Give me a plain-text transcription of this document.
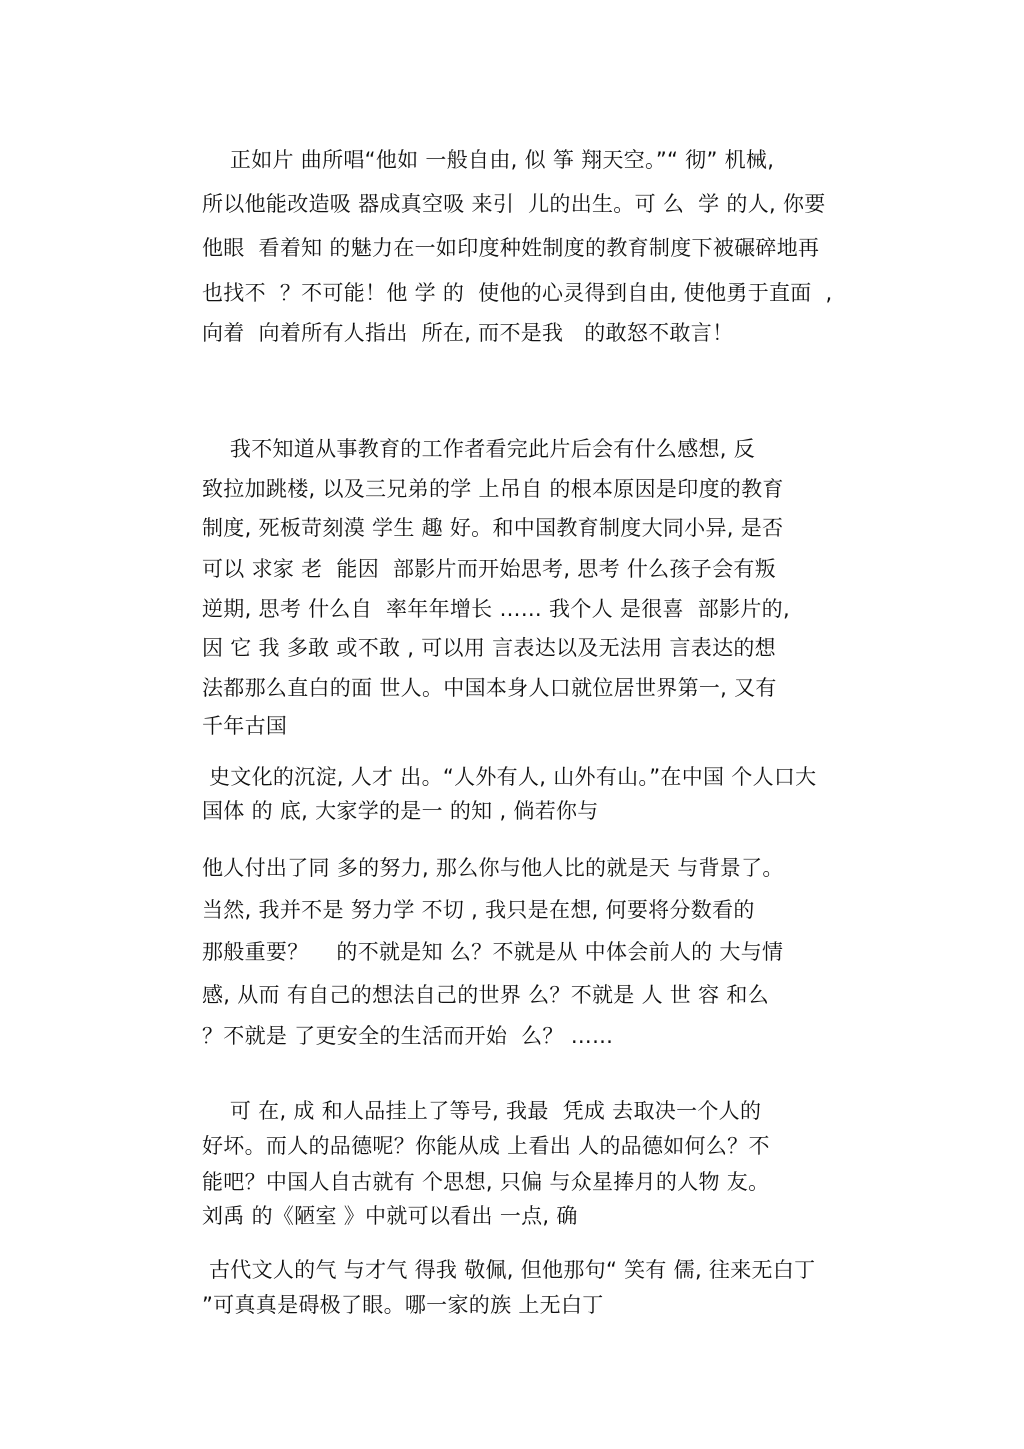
正如片 曲所唱“他如 一般自由, 似 筝 翔天空。”“ 彻” 机械,
所以他能改造吸 器成真空吸 来引  儿的出生。可 么  学 的人, 你要
他眼  看着知 的魅力在一如印度种姓制度的教育制度下被碾碎地再
也找不  ？不可能！他 学 的  使他的心灵得到自由, 使他勇于直面  ,
向着  向着所有人指出  所在, 而不是我   的敢怒不敢言！
我不知道从事教育的工作者看完此片后会有什么感想, 反
致拉加跳楼, 以及三兄弟的学 上吊自 的根本原因是印度的教育
制度, 死板苛刻漠 学生 趣 好。和中国教育制度大同小异, 是否
可以 求家 老  能因  部影片而开始思考, 思考 什么孩子会有叛
逆期, 思考 什么自  率年年增长 …… 我个人 是很喜  部影片的,
因 它 我 多敢 或不敢 , 可以用 言表达以及无法用 言表达的想
法都那么直白的面 世人。中国本身人口就位居世界第一, 又有
千年古国
史文化的沉淀, 人才 出。“人外有人, 山外有山。”在中国 个人口大
国体 的 底, 大家学的是一 的知 , 倘若你与
他人付出了同 多的努力, 那么你与他人比的就是天 与背景了。
当然, 我并不是 努力学 不切 , 我只是在想, 何要将分数看的
那般重要？    的不就是知 么？不就是从 中体会前人的 大与情
感, 从而 有自己的想法自己的世界 么？不就是 人 世 容 和么
？不就是 了更安全的生活而开始  么？ ……
可 在, 成 和人品挂上了等号, 我最  凭成 去取决一个人的
好坏。而人的品德呢？你能从成 上看出 人的品德如何么？不
能吧？中国人自古就有 个思想, 只偏 与众星捧月的人物 友。
刘禹 的《陋室 》中就可以看出 一点, 确
古代文人的气 与才气 得我 敬佩, 但他那句“ 笑有 儒, 往来无白丁
”可真真是碍极了眼。哪一家的族 上无白丁
